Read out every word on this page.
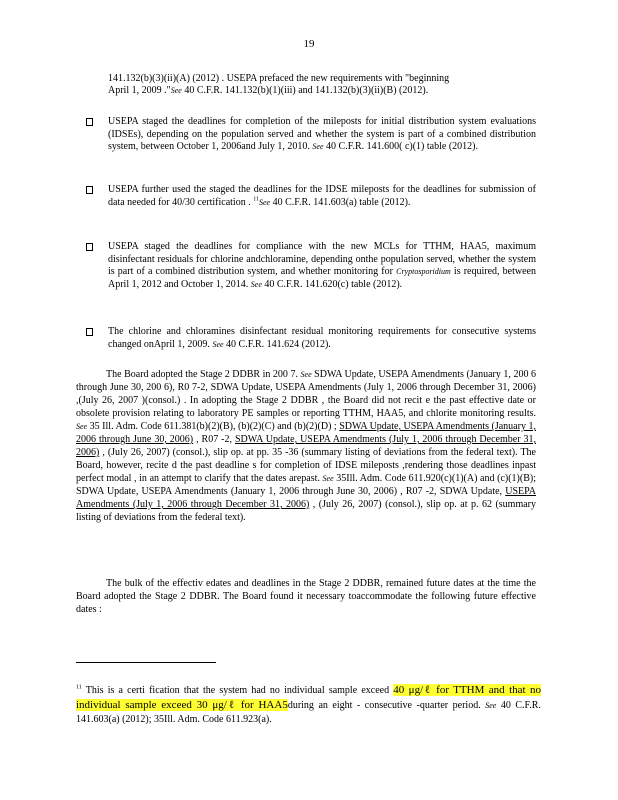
19
141.132(b)(3)(ii)(A) (2012) . USEPA prefaced the new requirements with "beginning
April 1, 2009 ."See 40 C.F.R. 141.132(b)(1)(iii) and 141.132(b)(3)(ii)(B) (2012).
USEPA staged the deadlines for completion of the mileposts for initial distribution system evaluations (IDSEs), depending on the population served and whether the system is part of a combined distribution system, between October 1, 2006and July 1, 2010. See 40 C.F.R. 141.600( c)(1) table (2012).
USEPA further used the staged the deadlines for the IDSE mileposts for the deadlines for submission of data needed for 40/30 certification . $^{11}$See 40 C.F.R. 141.603(a) table (2012).
USEPA staged the deadlines for compliance with the new MCLs for TTHM, HAA5, maximum disinfectant residuals for chlorine andchloramine, depending onthe population served, whether the system is part of a combined distribution system, and whether monitoring for Cryptosporidium is required, between April 1, 2012 and October 1, 2014. See 40 C.F.R. 141.620(c) table (2012).
The chlorine and chloramines disinfectant residual monitoring requirements for consecutive systems changed onApril 1, 2009. See 40 C.F.R. 141.624 (2012).
The Board adopted the Stage 2 DDBR in 200 7. See SDWA Update, USEPA Amendments (January 1, 200 6 through June 30, 200 6), R0 7-2, SDWA Update, USEPA Amendments (July 1, 2006 through December 31, 2006) ,(July 26, 2007 )(consol.) . In adopting the Stage 2 DDBR , the Board did not recit e the past effective date or obsolete provision relating to laboratory PE samples or reporting TTHM, HAA5, and chlorite monitoring results. See 35 Ill. Adm. Code 611.381(b)(2)(B), (b)(2)(C) and (b)(2)(D) ; SDWA Update, USEPA Amendments (January 1, 2006 through June 30, 2006) , R07 -2, SDWA Update, USEPA Amendments (July 1, 2006 through December 31, 2006) , (July 26, 2007) (consol.), slip op. at pp. 35 -36 (summary listing of deviations from the federal text). The Board, however, recite d the past deadline s for completion of IDSE mileposts ,rendering those deadlines inpast perfect modal , in an attempt to clarify that the dates arepast. See 35Ill. Adm. Code 611.920(c)(1)(A) and (c)(1)(B); SDWA Update, USEPA Amendments (January 1, 2006 through June 30, 2006) , R07 -2, SDWA Update, USEPA Amendments (July 1, 2006 through December 31, 2006) , (July 26, 2007) (consol.), slip op. at p. 62 (summary listing of deviations from the federal text).
The bulk of the effectiv edates and deadlines in the Stage 2 DDBR, remained future dates at the time the Board adopted the Stage 2 DDBR. The Board found it necessary toaccommodate the following future effective dates :
$^{11}$ This is a certi fication that the system had no individual sample exceed 40 μg/ℓ for TTHM and that no individual sample exceed 30 μg/ℓ for HAA5during an eight - consecutive -quarter period. See 40 C.F.R. 141.603(a) (2012); 35Ill. Adm. Code 611.923(a).
